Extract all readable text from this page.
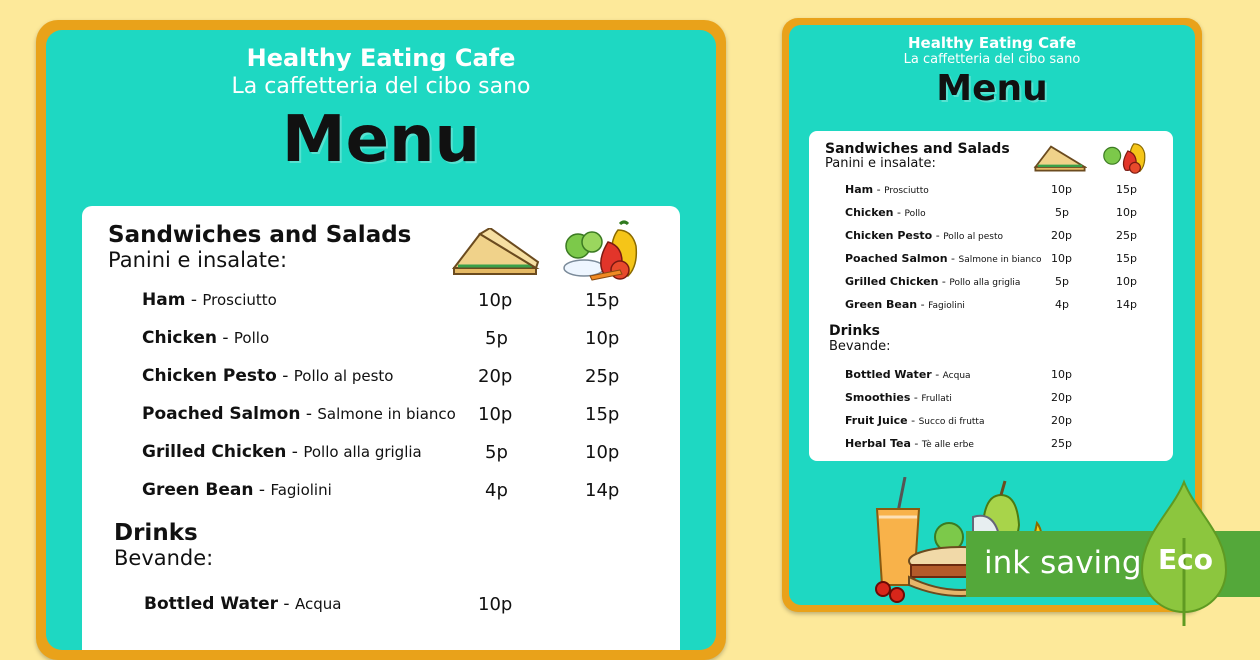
Healthy Eating Cafe
La caffetteria del cibo sano
Menu
Sandwiches and Salads
Panini e insalate:
Ham - Prosciutto	10p	15p
Chicken - Pollo	5p	10p
Chicken Pesto - Pollo al pesto	20p	25p
Poached Salmon - Salmone in bianco 10p	15p
Grilled Chicken - Pollo alla griglia	5p	10p
Green Bean - Fagiolini	4p	14p
Drinks
Bevande:
Bottled Water - Acqua	10p
Healthy Eating Cafe
La caffetteria del cibo sano
Menu
Sandwiches and Salads
Panini e insalate:
Ham - Prosciutto	10p	15p
Chicken - Pollo	5p	10p
Chicken Pesto - Pollo al pesto	20p	25p
Poached Salmon - Salmone in bianco 10p	15p
Grilled Chicken - Pollo alla griglia	5p	10p
Green Bean - Fagiolini	4p	14p
Drinks
Bevande:
Bottled Water - Acqua	10p
Smoothies - Frullati	20p
Fruit Juice - Succo di frutta	20p
Herbal Tea - Tè alle erbe	25p
ink saving Eco
